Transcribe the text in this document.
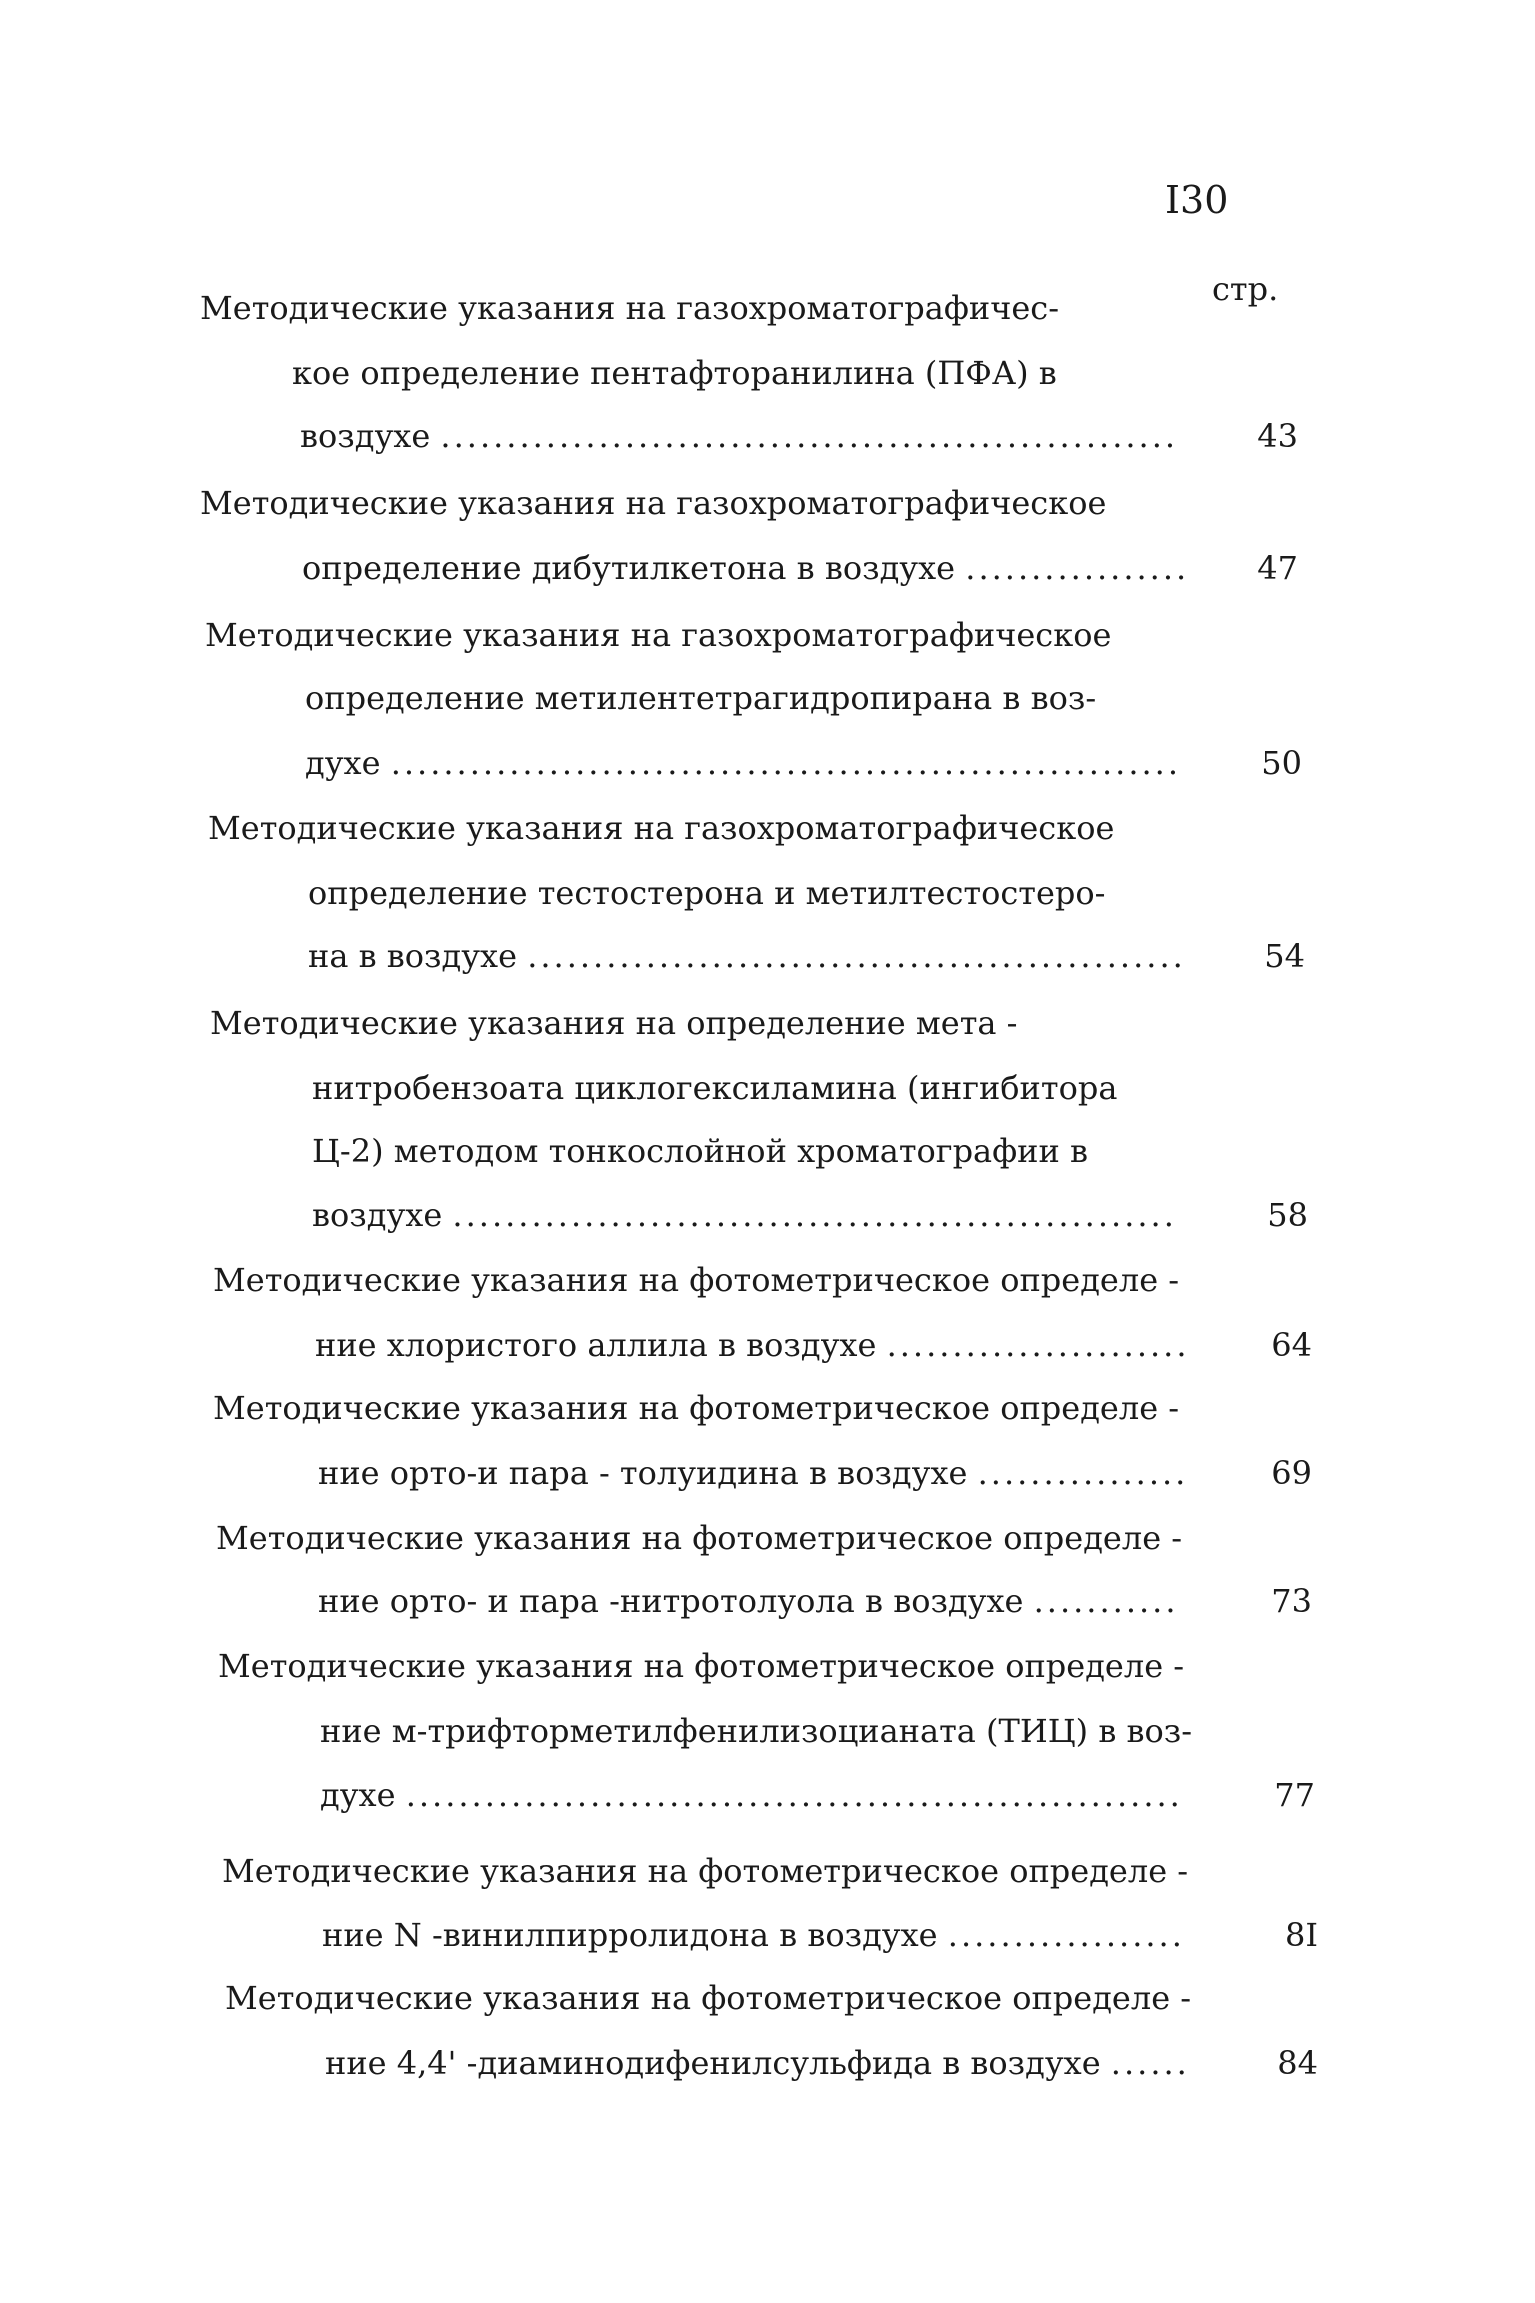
I30
стр.
Методические указания на газохроматографичес-
кое определение пентафторанилина (ПФА) в
воздухе ........................................................	43
Методические указания на газохроматографическое
определение дибутилкетона в воздухе .................	47
Методические указания на газохроматографическое
определение метилентетрагидропирана в воз-
духе ............................................................	50
Методические указания на газохроматографическое
определение тестостерона и метилтестостеро-
на в воздухе ..................................................	54
Методические указания на определение мета -
нитробензоата циклогексиламина (ингибитора
Ц-2) методом тонкослойной хроматографии в
воздухе .......................................................	58
Методические указания на фотометрическое определе -
ние хлористого аллила в воздухе .......................	64
Методические указания на фотометрическое определе -
ние орто-и пара - толуидина в воздухе ................	69
Методические указания на фотометрическое определе -
ние орто- и пара -нитротолуола в воздухе ...........	73
Методические указания на фотометрическое определе -
ние м-трифторметилфенилизоцианата (ТИЦ) в воз-
духе ...........................................................	77
Методические указания на фотометрическое определе -
ние N -винилпирролидона в воздухе ..................	8I
Методические указания на фотометрическое определе -
ние 4,4' -диаминодифенилсульфида в воздухе ......	84
